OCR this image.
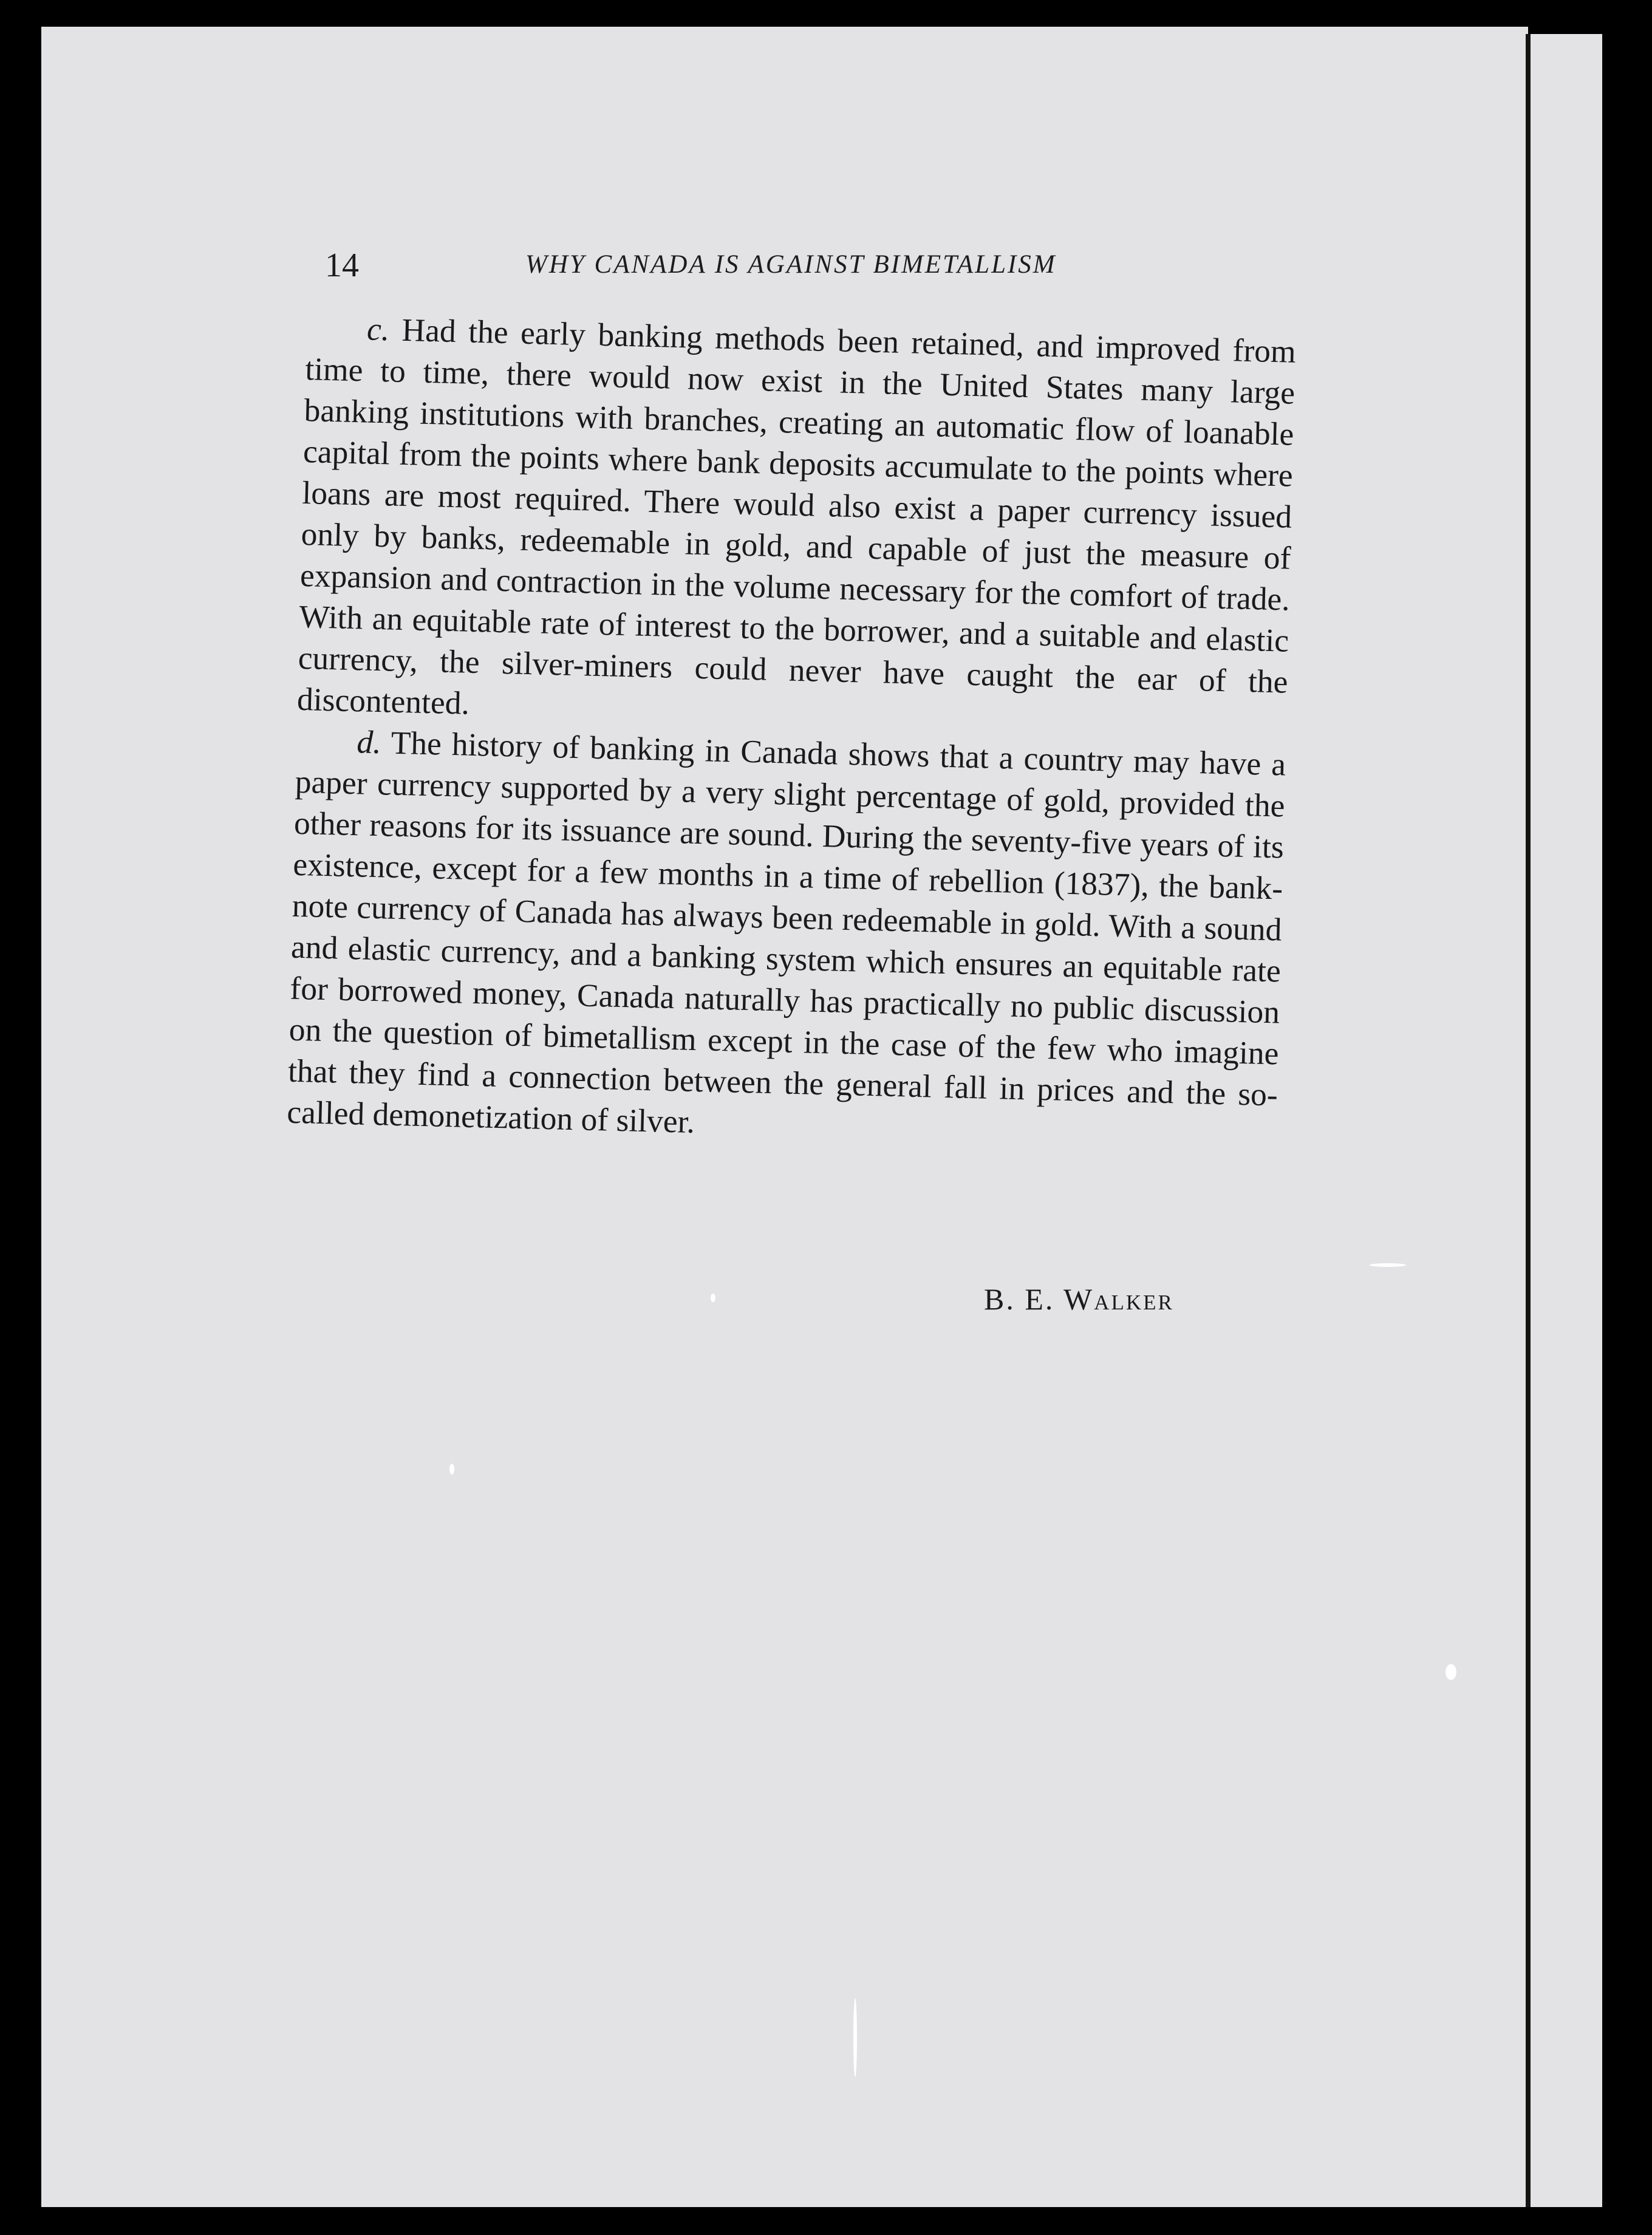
14	WHY CANADA IS AGAINST BIMETALLISM

c. Had the early banking methods been retained, and improved from time to time, there would now exist in the United States many large banking institutions with branches, creating an automatic flow of loanable capital from the points where bank deposits accumulate to the points where loans are most required. There would also exist a paper currency issued only by banks, redeemable in gold, and capable of just the measure of expansion and contraction in the volume necessary for the comfort of trade. With an equitable rate of interest to the borrower, and a suitable and elastic currency, the silver-miners could never have caught the ear of the discontented.

d. The history of banking in Canada shows that a country may have a paper currency supported by a very slight percentage of gold, provided the other reasons for its issuance are sound. During the seventy-five years of its existence, except for a few months in a time of rebellion (1837), the bank-note currency of Canada has always been redeemable in gold. With a sound and elastic currency, and a banking system which ensures an equitable rate for borrowed money, Canada naturally has practically no public discussion on the question of bimetallism except in the case of the few who imagine that they find a connection between the general fall in prices and the so-called demonetization of silver.

B. E. Walker
